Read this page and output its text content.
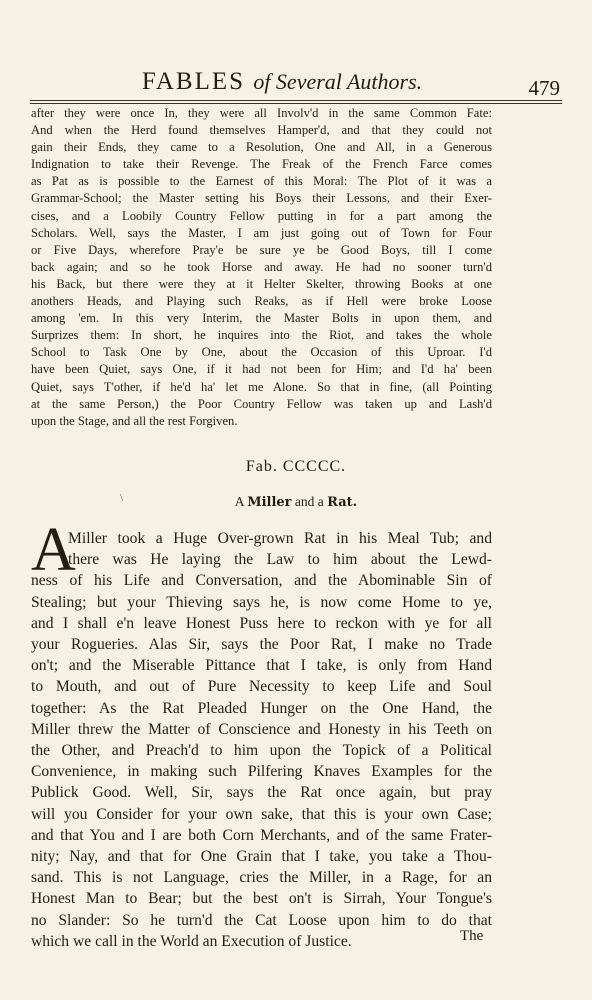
FABLES of Several Authors.	479

after they were once In, they were all Involv'd in the same Common Fate:

And when the Herd found themselves Hamper'd, and that they could not

gain their Ends, they came to a Resolution, One and All, in a Generous

Indignation to take their Revenge. The Freak of the French Farce comes

as Pat as is possible to the Earnest of this Moral: The Plot of it was a

Grammar-School; the Master setting his Boys their Lessons, and their Exer-

cises, and a Loobily Country Fellow putting in for a part among the

Scholars. Well, says the Master, I am just going out of Town for Four

or Five Days, wherefore Pray'e be sure ye be Good Boys, till I come

back again; and so he took Horse and away. He had no sooner turn'd

his Back, but there were they at it Helter Skelter, throwing Books at one

anothers Heads, and Playing such Reaks, as if Hell were broke Loose

among 'em. In this very Interim, the Master Bolts in upon them, and

Surprizes them: In short, he inquires into the Riot, and takes the whole

School to Task One by One, about the Occasion of this Uproar. I'd

have been Quiet, says One, if it had not been for Him; and I'd ha' been

Quiet, says T'other, if he'd ha' let me Alone. So that in fine, (all Pointing

at the same Person,) the Poor Country Fellow was taken up and Lash'd

upon the Stage, and all the rest Forgiven.

Fab. CCCCC.
\	A Miller and a Rat.
A

Miller took a Huge Over-grown Rat in his Meal Tub; and

there was He laying the Law to him about the Lewd-

ness of his Life and Conversation, and the Abominable Sin of

Stealing; but your Thieving says he, is now come Home to ye,

and I shall e'n leave Honest Puss here to reckon with ye for all

your Rogueries. Alas Sir, says the Poor Rat, I make no Trade

on't; and the Miserable Pittance that I take, is only from Hand

to Mouth, and out of Pure Necessity to keep Life and Soul

together: As the Rat Pleaded Hunger on the One Hand, the

Miller threw the Matter of Conscience and Honesty in his Teeth on

the Other, and Preach'd to him upon the Topick of a Political

Convenience, in making such Pilfering Knaves Examples for the

Publick Good. Well, Sir, says the Rat once again, but pray

will you Consider for your own sake, that this is your own Case;

and that You and I are both Corn Merchants, and of the same Frater-

nity; Nay, and that for One Grain that I take, you take a Thou-

sand. This is not Language, cries the Miller, in a Rage, for an

Honest Man to Bear; but the best on't is Sirrah, Your Tongue's

no Slander: So he turn'd the Cat Loose upon him to do that

which we call in the World an Execution of Justice.	The
